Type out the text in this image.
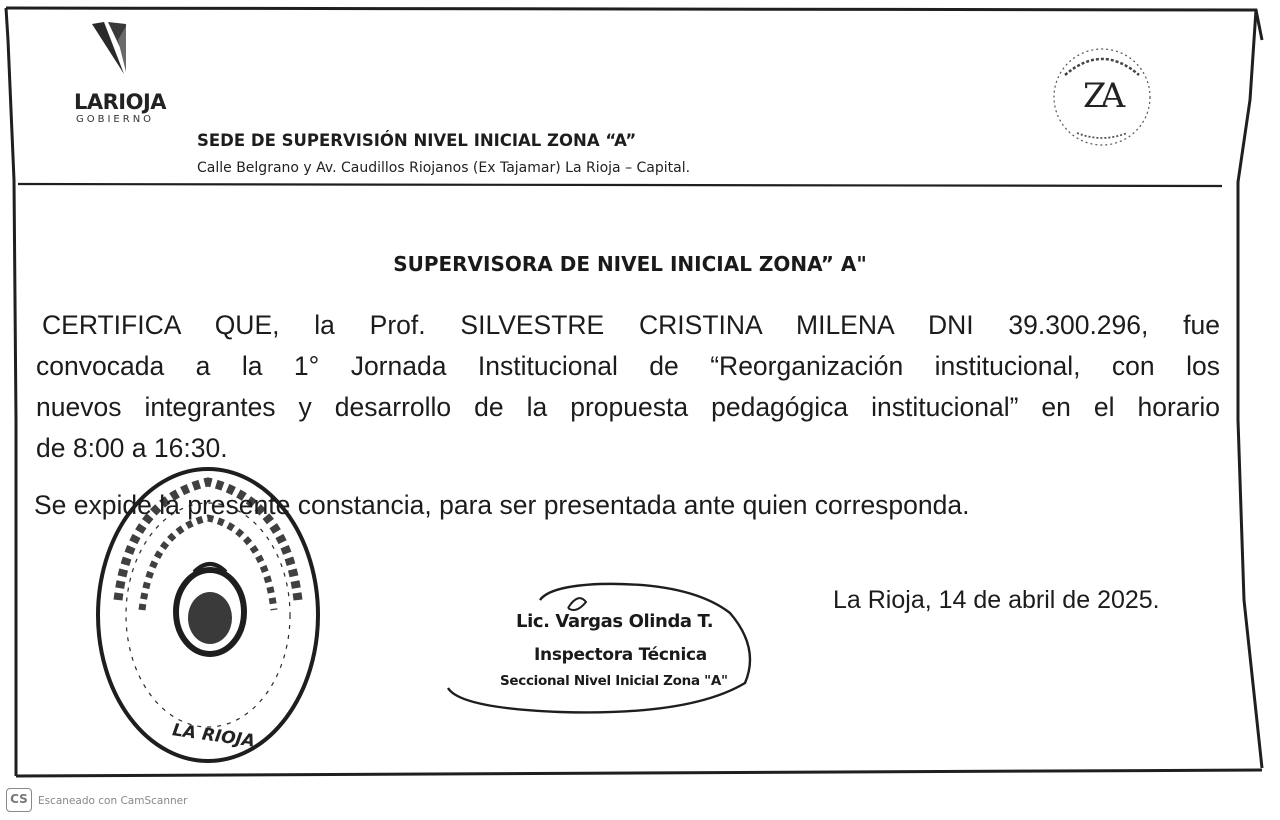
LARIOJA
GOBIERNO
SEDE DE SUPERVISIÓN NIVEL INICIAL ZONA “A”
Calle Belgrano y Av. Caudillos Riojanos (Ex Tajamar) La Rioja – Capital.
ZA
SUPERVISORA DE NIVEL INICIAL ZONA” A"
CERTIFICA QUE, la Prof. SILVESTRE CRISTINA MILENA DNI 39.300.296, fue
convocada a la 1° Jornada Institucional de “Reorganización institucional, con los
nuevos integrantes y desarrollo de la propuesta pedagógica institucional” en el horario
de 8:00 a 16:30.
LA RIOJA
Se expide la presente constancia, para ser presentada ante quien corresponda.
La Rioja, 14 de abril de 2025.
Lic. Vargas Olinda T.
Inspectora Técnica
Seccional Nivel Inicial Zona "A"
CS Escaneado con CamScanner
